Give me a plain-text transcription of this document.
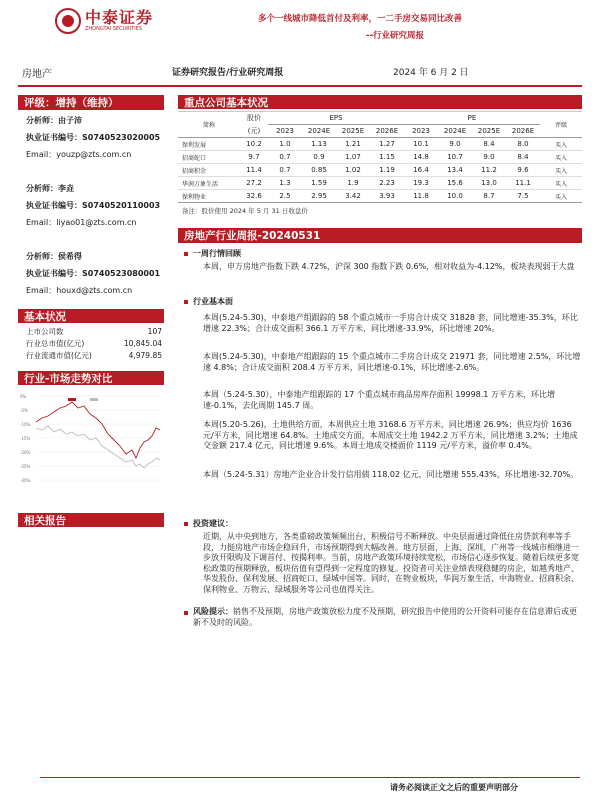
中泰证券
ZHONGTAI SECURITIES
多个一线城市降低首付及利率，一二手房交易同比改善
--行业研究周报
房地产	证券研究报告/行业研究周报	2024 年 6 月 2 日
评级：增持（维持）
分析师：由子沛
执业证书编号：S0740523020005
Email：youzp@zts.com.cn
分析师：李垚
执业证书编号：S0740520110003
Email：liyao01@zts.com.cn
分析师：侯希得
执业证书编号：S0740523080001
Email：houxd@zts.com.cn
基本状况
上市公司数	107
行业总市值(亿元)	10,845.04
行业流通市值(亿元)	4,979.85
行业-市场走势对比
0%
-5%
-10%
-15%
-20%
-25%
-30%
相关报告
重点公司基本状况
简称	股价	EPS				PE				评级
	(元)	2023	2024E	2025E	2026E	2023	2024E	2025E	2026E	
保利发展	10.2	1.0	1.13	1.21	1.27	10.1	9.0	8.4	8.0	买入
招商蛇口	9.7	0.7	0.9	1.07	1.15	14.8	10.7	9.0	8.4	买入
招商积余	11.4	0.7	0.85	1.02	1.19	16.4	13.4	11.2	9.6	买入
华润万象生活	27.2	1.3	1.59	1.9	2.23	19.3	15.6	13.0	11.1	买入
保利物业	32.6	2.5	2.95	3.42	3.93	11.8	10.0	8.7	7.5	买入
备注：股价使用 2024 年 5 月 31 日收盘价
房地产行业周报-20240531
一周行情回顾
本周，申万房地产指数下跌 4.72%，沪深 300 指数下跌 0.6%，相对收益为-4.12%，板块表现弱于大盘
行业基本面
本周(5.24-5.30)，中泰地产组跟踪的 58 个重点城市一手房合计成交 31828 套，同比增速-35.3%，环比增速 22.3%；合计成交面积 366.1 万平方米，同比增速-33.9%，环比增速 20%。
本周(5.24-5.30)，中泰地产组跟踪的 15 个重点城市二手房合计成交 21971 套，同比增速 2.5%，环比增速 4.8%；合计成交面积 208.4 万平方米，同比增速-0.1%，环比增速-2.6%。
本周（5.24-5.30），中泰地产组跟踪的 17 个重点城市商品房库存面积 19998.1 万平方米，环比增速-0.1%，去化周期 145.7 周。
本周(5.20-5.26)，土地供给方面，本周供应土地 3168.6 万平方米，同比增速 26.9%；供应均价 1636 元/平方米，同比增速 64.8%。土地成交方面，本周成交土地 1942.2 万平方米，同比增速 3.2%；土地成交金额 217.4 亿元，同比增速 9.6%。本周土地成交楼面价 1119 元/平方米，溢价率 0.4%。
本周（5.24-5.31）房地产企业合计发行信用债 118.02 亿元，同比增速 555.43%，环比增速-32.70%。
投资建议：
近期，从中央到地方，各类重磅政策频频出台，积极信号不断释放。中央层面通过降低住房贷款利率等手段，力挺房地产市场企稳回升，市场预期得到大幅改善。地方层面，上海、深圳、广州等一线城市相继进一步放开限购及下调首付、按揭利率。当前，房地产政策环境持续宽松，市场信心逐步恢复。随着后续更多宽松政策的预期释放，板块估值有望得到一定程度的修复。投资者可关注业绩表现稳健的房企，如越秀地产、华发股份、保利发展、招商蛇口、绿城中国等。同时，在物业板块，华润万象生活、中海物业、招商积余、保利物业、万物云、绿城服务等公司也值得关注。
风险提示：销售不及预期，房地产政策放松力度不及预期，研究报告中使用的公开资料可能存在信息滞后或更新不及时的风险。
请务必阅读正文之后的重要声明部分
